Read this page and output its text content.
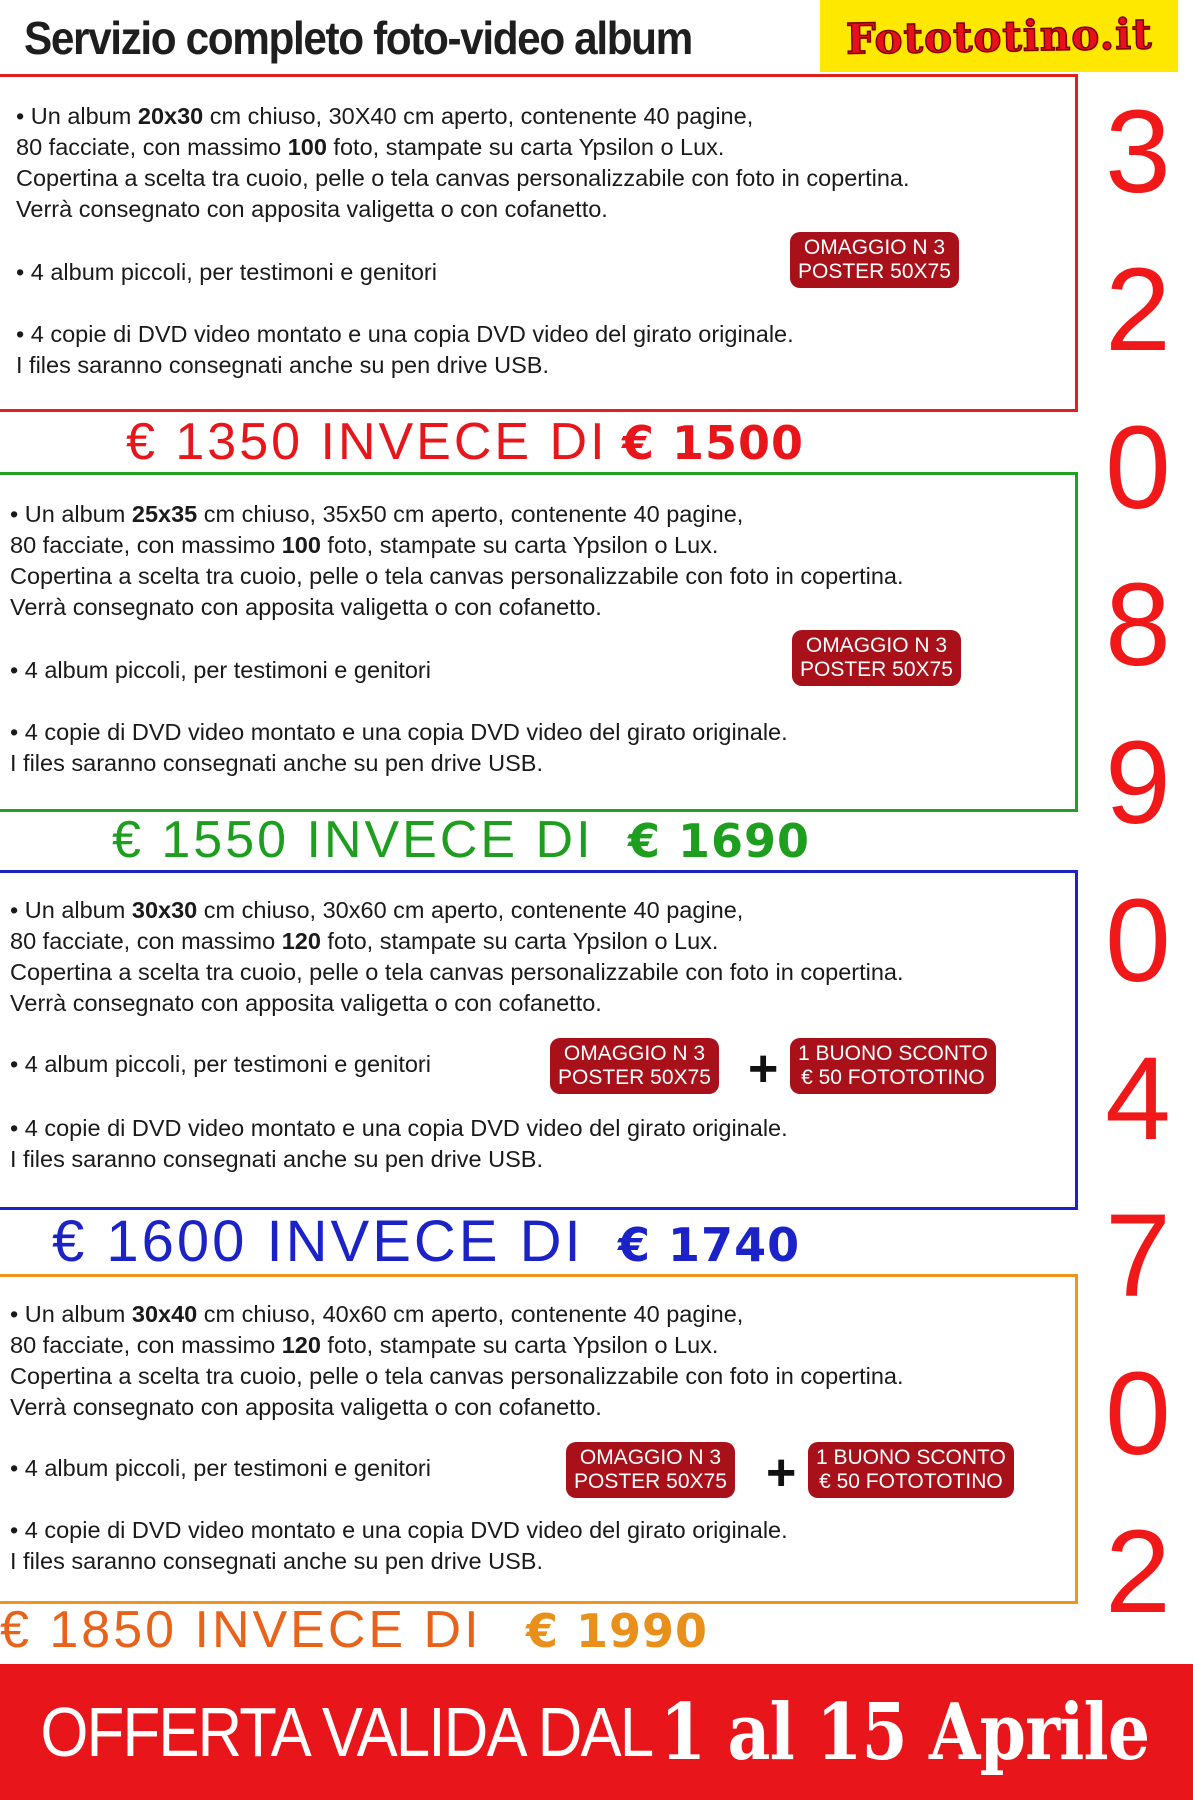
Servizio completo foto-video album	Fotototino.it
3
2
0
8
9
0
4
7
0
2
• Un album 20x30 cm chiuso, 30X40 cm aperto, contenente 40 pagine,
80 facciate, con massimo 100 foto, stampate su carta Ypsilon o Lux.
Copertina a scelta tra cuoio, pelle o tela canvas personalizzabile con foto in copertina.
Verrà consegnato con apposita valigetta o con cofanetto.
• 4 album piccoli, per testimoni e genitori
• 4 copie di DVD video montato e una copia DVD video del girato originale.
I files saranno consegnati anche su pen drive USB.
OMAGGIO N 3
POSTER 50X75
€ 1350 INVECE DI € 1500
• Un album 25x35 cm chiuso, 35x50 cm aperto, contenente 40 pagine,
80 facciate, con massimo 100 foto, stampate su carta Ypsilon o Lux.
Copertina a scelta tra cuoio, pelle o tela canvas personalizzabile con foto in copertina.
Verrà consegnato con apposita valigetta o con cofanetto.
• 4 album piccoli, per testimoni e genitori
• 4 copie di DVD video montato e una copia DVD video del girato originale.
I files saranno consegnati anche su pen drive USB.
OMAGGIO N 3
POSTER 50X75
€ 1550 INVECE DI € 1690
• Un album 30x30 cm chiuso, 30x60 cm aperto, contenente 40 pagine,
80 facciate, con massimo 120 foto, stampate su carta Ypsilon o Lux.
Copertina a scelta tra cuoio, pelle o tela canvas personalizzabile con foto in copertina.
Verrà consegnato con apposita valigetta o con cofanetto.
• 4 album piccoli, per testimoni e genitori
• 4 copie di DVD video montato e una copia DVD video del girato originale.
I files saranno consegnati anche su pen drive USB.
OMAGGIO N 3
POSTER 50X75 + 1 BUONO SCONTO
€ 50 FOTOTOTINO
€ 1600 INVECE DI € 1740
• Un album 30x40 cm chiuso, 40x60 cm aperto, contenente 40 pagine,
80 facciate, con massimo 120 foto, stampate su carta Ypsilon o Lux.
Copertina a scelta tra cuoio, pelle o tela canvas personalizzabile con foto in copertina.
Verrà consegnato con apposita valigetta o con cofanetto.
• 4 album piccoli, per testimoni e genitori
• 4 copie di DVD video montato e una copia DVD video del girato originale.
I files saranno consegnati anche su pen drive USB.
OMAGGIO N 3
POSTER 50X75 + 1 BUONO SCONTO
€ 50 FOTOTOTINO
€ 1850 INVECE DI € 1990
OFFERTA VALIDA DAL 1 al 15 Aprile
